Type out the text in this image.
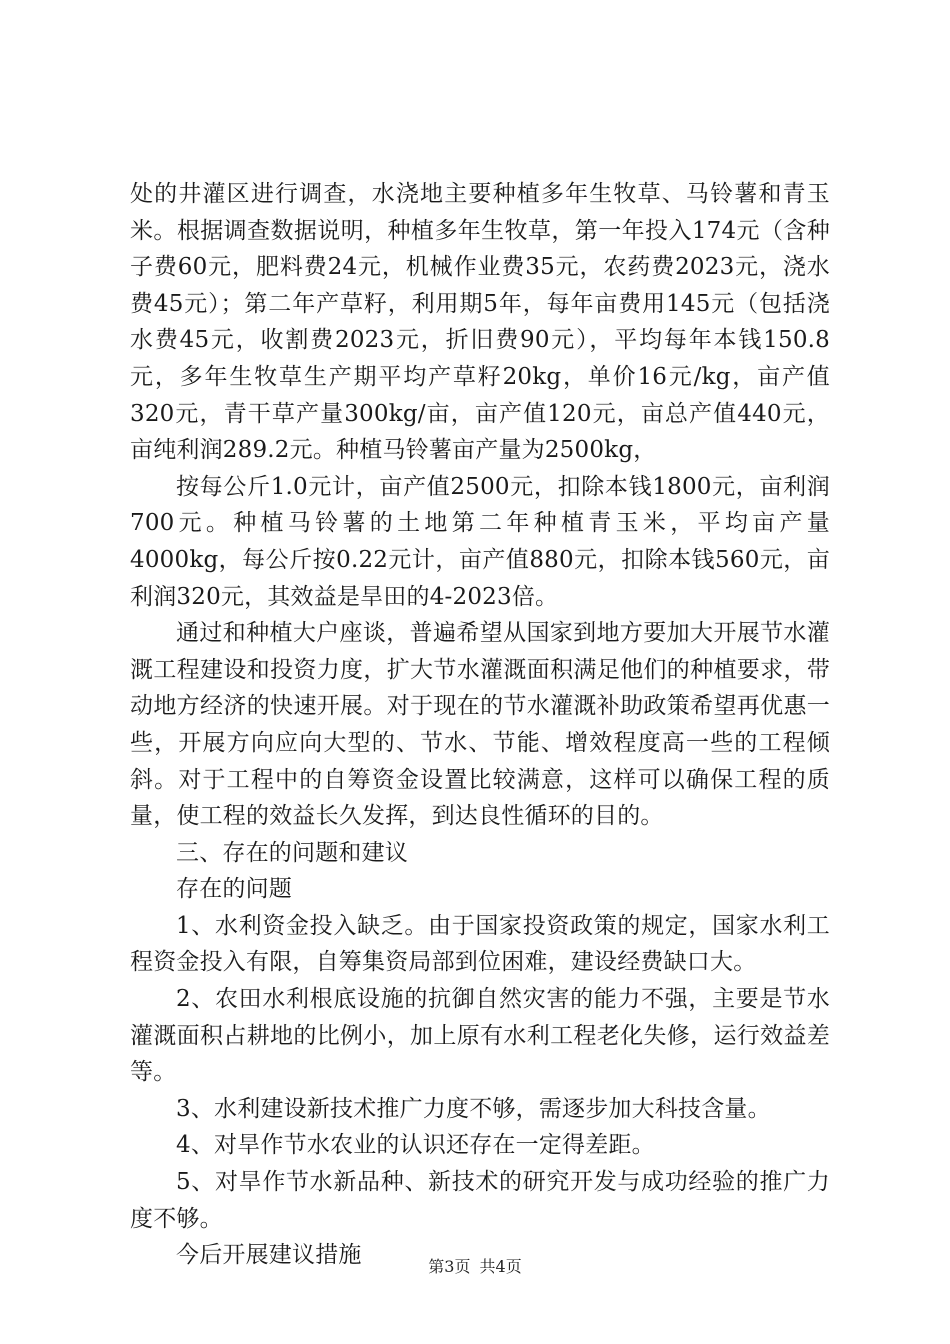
处的井灌区进行调查，水浇地主要种植多年生牧草、马铃薯和青玉米。根据调查数据说明，种植多年生牧草，第一年投入174元（含种子费60元，肥料费24元，机械作业费35元，农药费2023元，浇水费45元）；第二年产草籽，利用期5年，每年亩费用145元（包括浇水费45元，收割费2023元，折旧费90元），平均每年本钱150.8元，多年生牧草生产期平均产草籽20kg，单价16元/kg，亩产值320元，青干草产量300kg/亩，亩产值120元，亩总产值440元，亩纯利润289.2元。种植马铃薯亩产量为2500kg，

按每公斤1.0元计，亩产值2500元，扣除本钱1800元，亩利润700元。种植马铃薯的土地第二年种植青玉米，平均亩产量4000kg，每公斤按0.22元计，亩产值880元，扣除本钱560元，亩利润320元，其效益是旱田的4-2023倍。

通过和种植大户座谈，普遍希望从国家到地方要加大开展节水灌溉工程建设和投资力度，扩大节水灌溉面积满足他们的种植要求，带动地方经济的快速开展。对于现在的节水灌溉补助政策希望再优惠一些，开展方向应向大型的、节水、节能、增效程度高一些的工程倾斜。对于工程中的自筹资金设置比较满意，这样可以确保工程的质量，使工程的效益长久发挥，到达良性循环的目的。

三、存在的问题和建议

存在的问题

1、水利资金投入缺乏。由于国家投资政策的规定，国家水利工程资金投入有限，自筹集资局部到位困难，建设经费缺口大。

2、农田水利根底设施的抗御自然灾害的能力不强，主要是节水灌溉面积占耕地的比例小，加上原有水利工程老化失修，运行效益差等。

3、水利建设新技术推广力度不够，需逐步加大科技含量。

4、对旱作节水农业的认识还存在一定得差距。

5、对旱作节水新品种、新技术的研究开发与成功经验的推广力度不够。

今后开展建议措施	第3页 共4页
